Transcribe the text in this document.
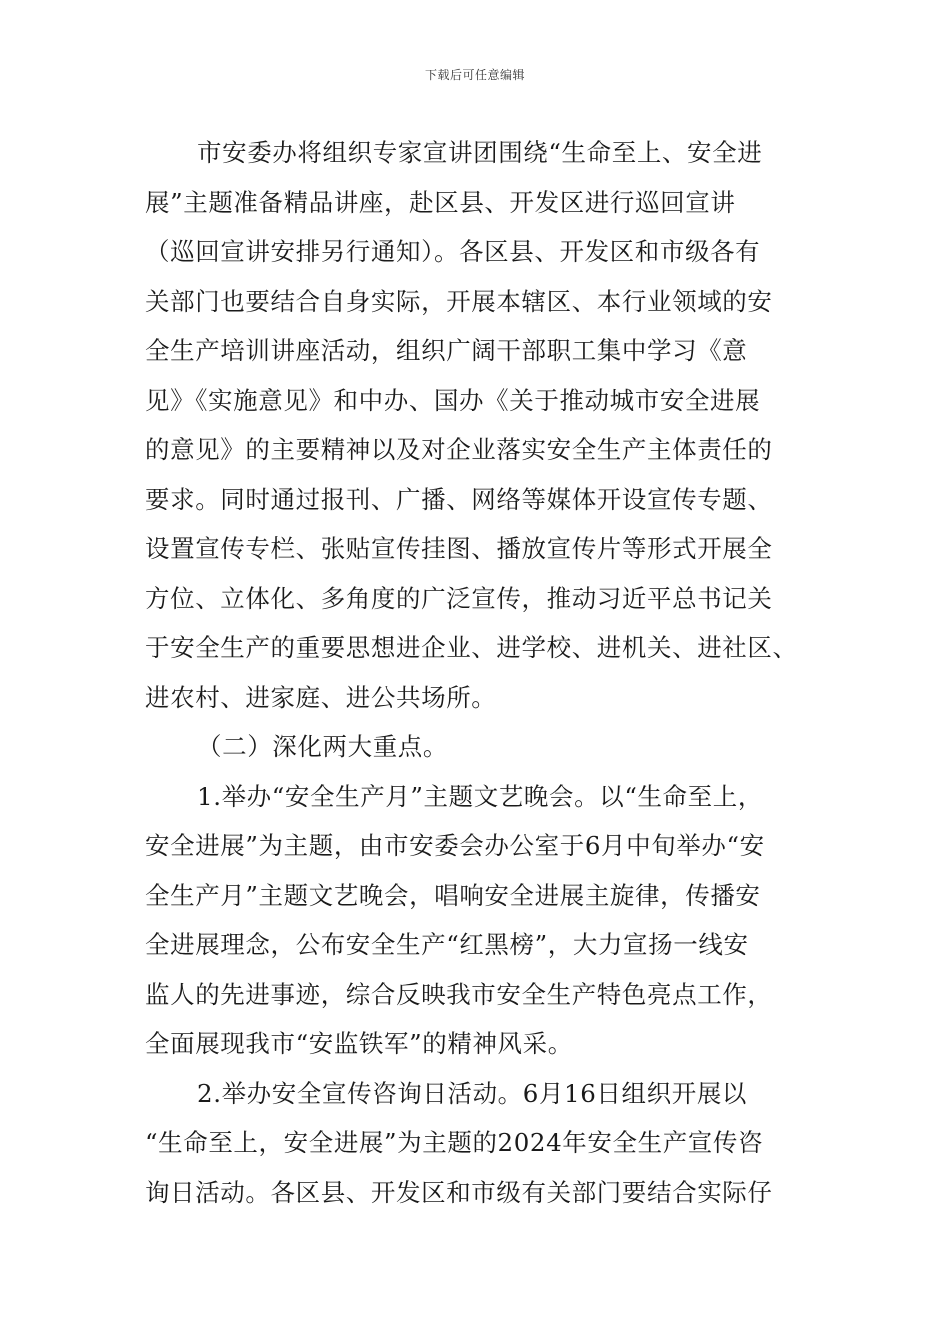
下载后可任意编辑
市安委办将组织专家宣讲团围绕“生命至上、安全进
展”主题准备精品讲座，赴区县、开发区进行巡回宣讲
（巡回宣讲安排另行通知）。各区县、开发区和市级各有
关部门也要结合自身实际，开展本辖区、本行业领域的安
全生产培训讲座活动，组织广阔干部职工集中学习《意
见》《实施意见》和中办、国办《关于推动城市安全进展
的意见》的主要精神以及对企业落实安全生产主体责任的
要求。同时通过报刊、广播、网络等媒体开设宣传专题、
设置宣传专栏、张贴宣传挂图、播放宣传片等形式开展全
方位、立体化、多角度的广泛宣传，推动习近平总书记关
于安全生产的重要思想进企业、进学校、进机关、进社区、
进农村、进家庭、进公共场所。
（二）深化两大重点。
1.举办“安全生产月”主题文艺晚会。以“生命至上，
安全进展”为主题，由市安委会办公室于6月中旬举办“安
全生产月”主题文艺晚会，唱响安全进展主旋律，传播安
全进展理念，公布安全生产“红黑榜”，大力宣扬一线安
监人的先进事迹，综合反映我市安全生产特色亮点工作，
全面展现我市“安监铁军”的精神风采。
2.举办安全宣传咨询日活动。6月16日组织开展以
“生命至上，安全进展”为主题的2024年安全生产宣传咨
询日活动。各区县、开发区和市级有关部门要结合实际仔
